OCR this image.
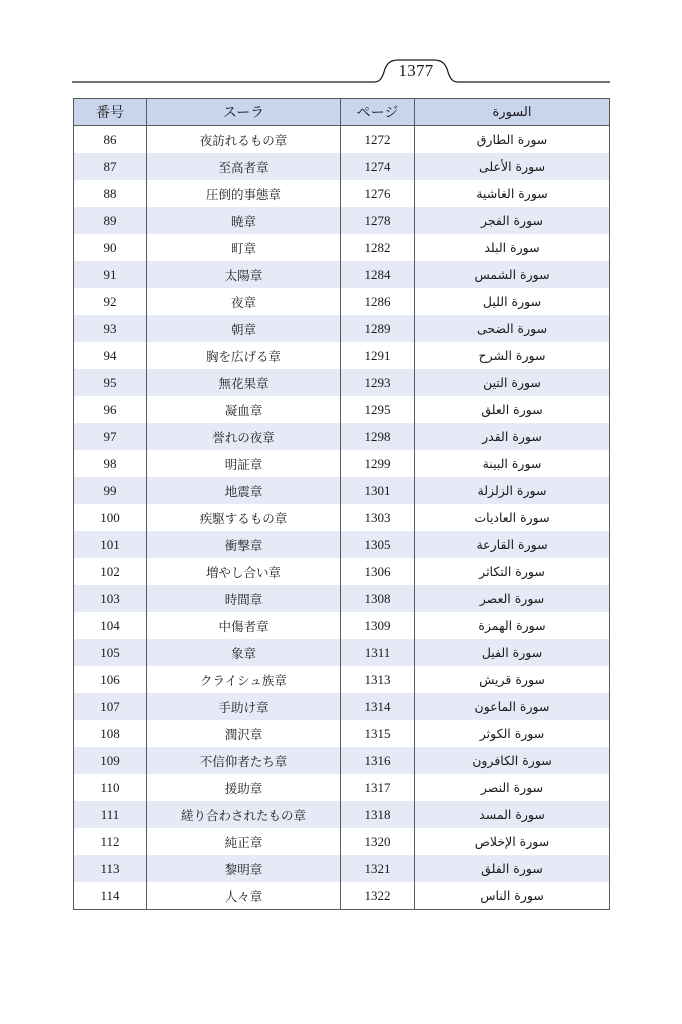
1377
番号	スーラ	ページ	السورة
86	夜訪れるもの章	1272	سورة الطارق
87	至高者章	1274	سورة الأعلى
88	圧倒的事態章	1276	سورة الغاشية
89	暁章	1278	سورة الفجر
90	町章	1282	سورة البلد
91	太陽章	1284	سورة الشمس
92	夜章	1286	سورة الليل
93	朝章	1289	سورة الضحى
94	胸を広げる章	1291	سورة الشرح
95	無花果章	1293	سورة التين
96	凝血章	1295	سورة العلق
97	誉れの夜章	1298	سورة القدر
98	明証章	1299	سورة البينة
99	地震章	1301	سورة الزلزلة
100	疾駆するもの章	1303	سورة العاديات
101	衝撃章	1305	سورة القارعة
102	増やし合い章	1306	سورة التكاثر
103	時間章	1308	سورة العصر
104	中傷者章	1309	سورة الهمزة
105	象章	1311	سورة الفيل
106	クライシュ族章	1313	سورة قريش
107	手助け章	1314	سورة الماعون
108	潤沢章	1315	سورة الكوثر
109	不信仰者たち章	1316	سورة الكافرون
110	援助章	1317	سورة النصر
111	縒り合わされたもの章	1318	سورة المسد
112	純正章	1320	سورة الإخلاص
113	黎明章	1321	سورة الفلق
114	人々章	1322	سورة الناس
